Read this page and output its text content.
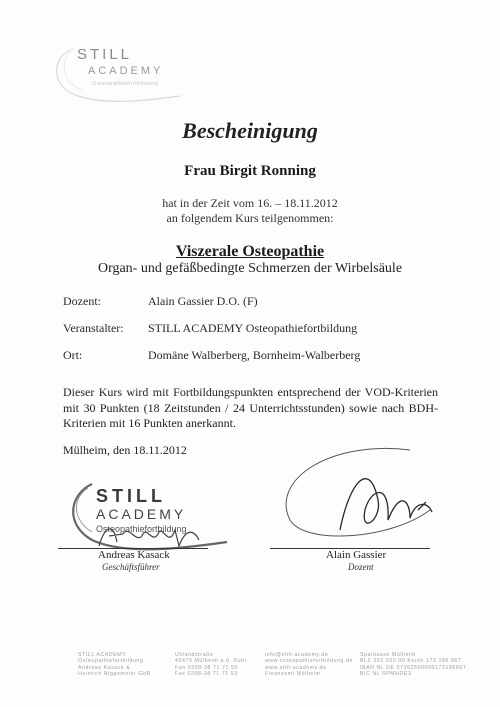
STILL
ACADEMY
Osteopathiefortbildung
Bescheinigung
Frau Birgit Ronning
hat in der Zeit vom 16. – 18.11.2012
an folgendem Kurs teilgenommen:
Viszerale Osteopathie
Organ- und gefäßbedingte Schmerzen der Wirbelsäule
Dozent:	Alain Gassier D.O. (F)
Veranstalter: STILL ACADEMY Osteopathiefortbildung
Ort:	Domäne Walberberg, Bornheim-Walberberg
Dieser Kurs wird mit Fortbildungspunkten entsprechend der VOD-Kriterien mit 30 Punkten (18 Zeitstunden / 24 Unterrichtsstunden) sowie nach BDH-Kriterien mit 16 Punkten anerkannt.
Mülheim, den 18.11.2012
STILL
ACADEMY
Osteopathiefortbildung
Andreas Kasack
Geschäftsführer
Alain Gassier
Dozent
STILL ACADEMY
Osteopathiefortbildung
Andreas Kasack &
Heinrich Niggemeier GbR
Uhlandstraße
45479 Mülheim a.d. Ruhr
Fon 0208-38 71 71 50
Fax 0208-38 71 71 53
info@still-academy.de
www.osteopathiefortbildung.de
www.still-academy.de
Finanzamt Mülheim
Sparkasse Mülheim
BLZ 362 500 00 Konto 173 186 867
IBAN NL DE 57362500000173186867
BIC NL SPMHDE3
